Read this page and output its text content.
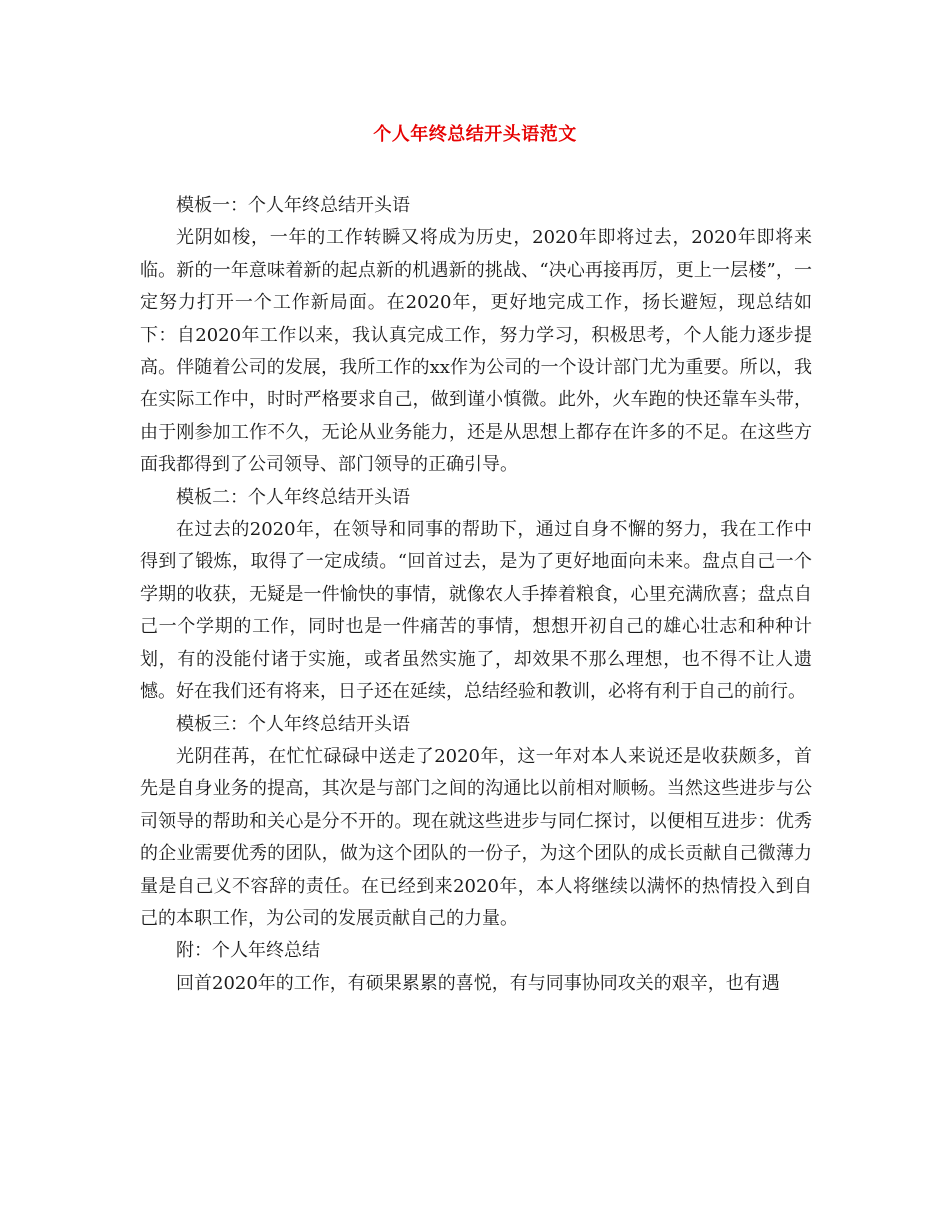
个人年终总结开头语范文

模板一：个人年终总结开头语

光阴如梭，一年的工作转瞬又将成为历史，2020年即将过去，2020年即将来临。新的一年意味着新的起点新的机遇新的挑战、“决心再接再厉，更上一层楼”，一定努力打开一个工作新局面。在2020年，更好地完成工作，扬长避短，现总结如下：自2020年工作以来，我认真完成工作，努力学习，积极思考，个人能力逐步提高。伴随着公司的发展，我所工作的xx作为公司的一个设计部门尤为重要。所以，我在实际工作中，时时严格要求自己，做到谨小慎微。此外，火车跑的快还靠车头带，由于刚参加工作不久，无论从业务能力，还是从思想上都存在许多的不足。在这些方面我都得到了公司领导、部门领导的正确引导。

模板二：个人年终总结开头语

在过去的2020年，在领导和同事的帮助下，通过自身不懈的努力，我在工作中得到了锻炼，取得了一定成绩。“回首过去，是为了更好地面向未来。盘点自己一个学期的收获，无疑是一件愉快的事情，就像农人手捧着粮食，心里充满欣喜；盘点自己一个学期的工作，同时也是一件痛苦的事情，想想开初自己的雄心壮志和种种计划，有的没能付诸于实施，或者虽然实施了，却效果不那么理想，也不得不让人遗憾。好在我们还有将来，日子还在延续，总结经验和教训，必将有利于自己的前行。

模板三：个人年终总结开头语

光阴荏苒，在忙忙碌碌中送走了2020年，这一年对本人来说还是收获颇多，首先是自身业务的提高，其次是与部门之间的沟通比以前相对顺畅。当然这些进步与公司领导的帮助和关心是分不开的。现在就这些进步与同仁探讨，以便相互进步：优秀的企业需要优秀的团队，做为这个团队的一份子，为这个团队的成长贡献自己微薄力量是自己义不容辞的责任。在已经到来2020年，本人将继续以满怀的热情投入到自己的本职工作，为公司的发展贡献自己的力量。

附：个人年终总结

回首2020年的工作，有硕果累累的喜悦，有与同事协同攻关的艰辛，也有遇
